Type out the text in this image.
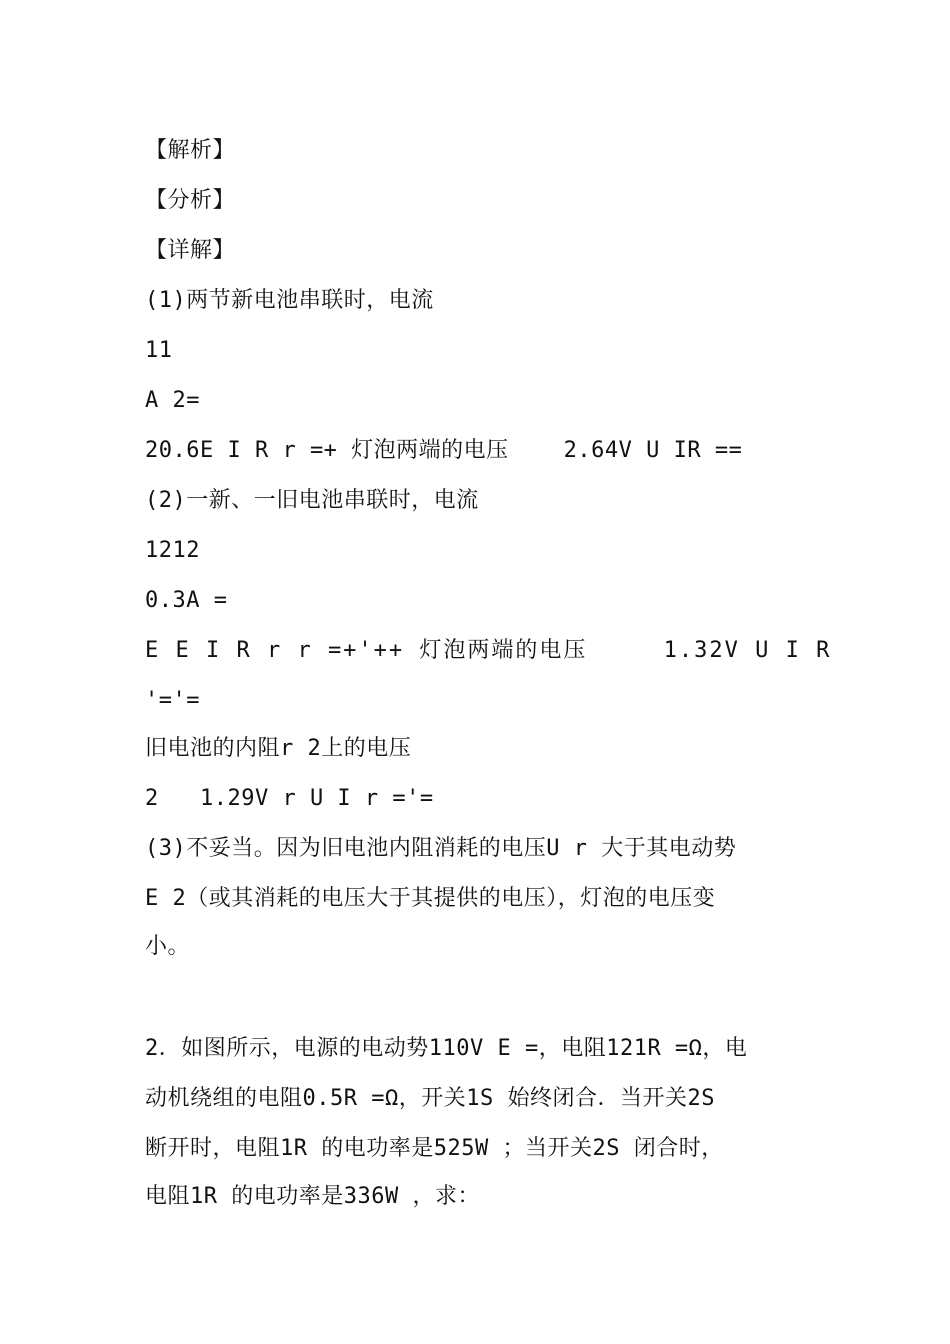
【解析】
【分析】
【详解】
(1)两节新电池串联时，电流
11
A 2=
20.6E I R r =+ 灯泡两端的电压    2.64V U IR ==
(2)一新、一旧电池串联时，电流
1212
0.3A =
E E I R r r =+'++ 灯泡两端的电压     1.32V U I R
'='=
旧电池的内阻r 2上的电压
2   1.29V r U I r ='=
(3)不妥当。因为旧电池内阻消耗的电压U r 大于其电动势
E 2（或其消耗的电压大于其提供的电压），灯泡的电压变
小。
2．如图所示，电源的电动势110V E =，电阻121R =Ω，电
动机绕组的电阻0.5R =Ω，开关1S 始终闭合．当开关2S
断开时，电阻1R 的电功率是525W ；当开关2S 闭合时，
电阻1R 的电功率是336W ，求：
